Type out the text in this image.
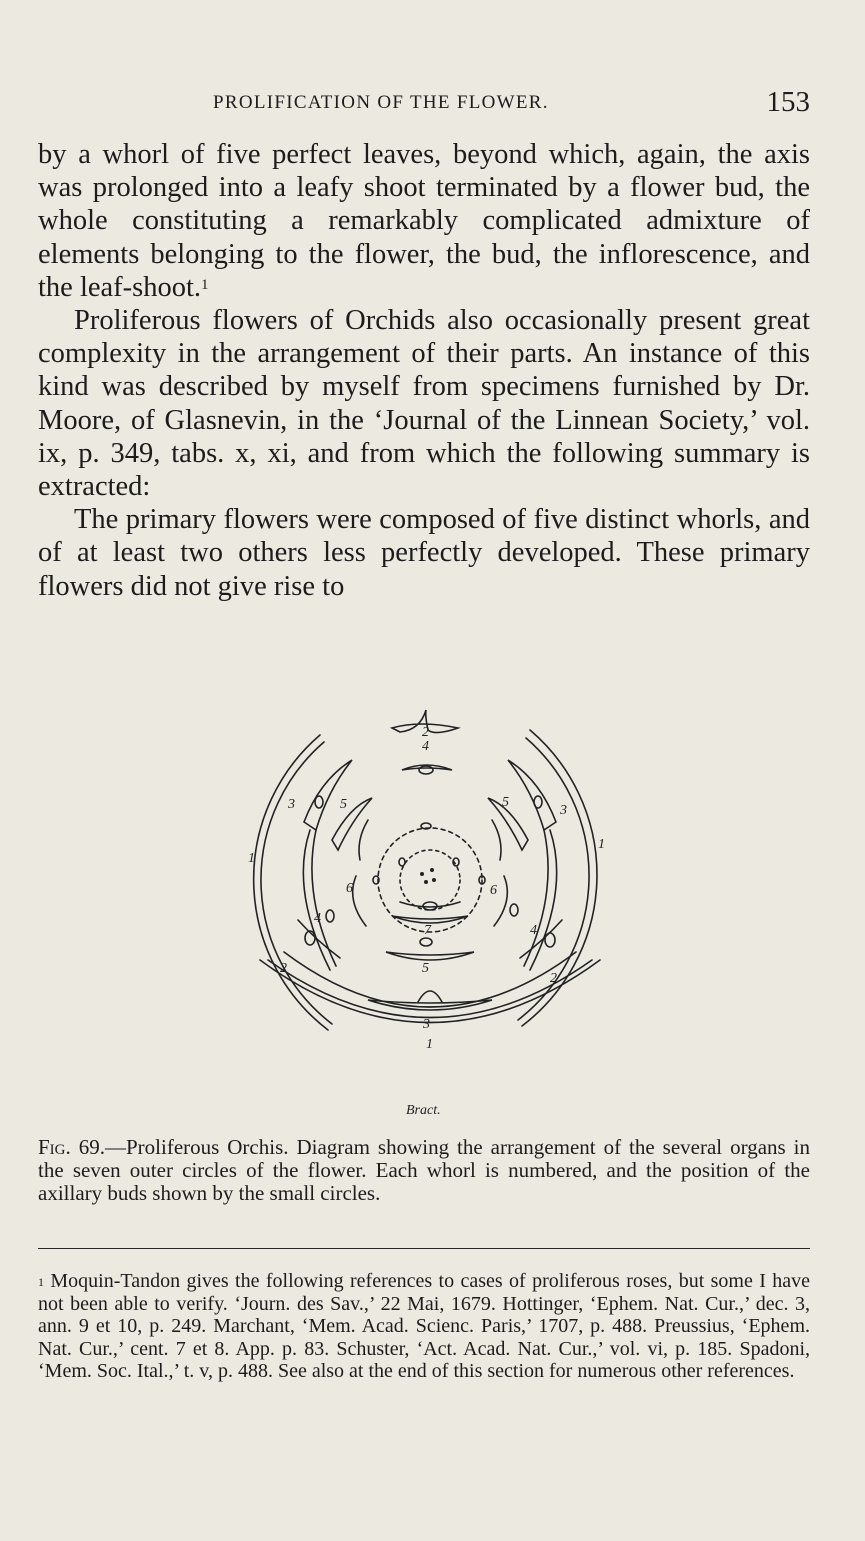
PROLIFICATION OF THE FLOWER.	153

by a whorl of five perfect leaves, beyond which, again, the axis was prolonged into a leafy shoot terminated by a flower bud, the whole constituting a remarkably complicated admixture of elements belonging to the flower, the bud, the inflorescence, and the leaf-shoot.$^1$

Proliferous flowers of Orchids also occasionally present great complexity in the arrangement of their parts. An instance of this kind was described by myself from specimens furnished by Dr. Moore, of Glasnevin, in the ‘Journal of the Linnean Society,’ vol. ix, p. 349, tabs. x, xi, and from which the following summary is extracted:

The primary flowers were composed of five distinct whorls, and of at least two others less perfectly developed. These primary flowers did not give rise to

1
1
1
2
2
2
3	3
3
4
4
4
5	5
5
6	6
7
Bract.
Fig. 69.—Proliferous Orchis. Diagram showing the arrangement of the several organs in the seven outer circles of the flower. Each whorl is numbered, and the position of the axillary buds shown by the small circles.
$^1$ Moquin-Tandon gives the following references to cases of proliferous roses, but some I have not been able to verify. ‘Journ. des Sav.,’ 22 Mai, 1679. Hottinger, ‘Ephem. Nat. Cur.,’ dec. 3, ann. 9 et 10, p. 249. Marchant, ‘Mem. Acad. Scienc. Paris,’ 1707, p. 488. Preussius, ‘Ephem. Nat. Cur.,’ cent. 7 et 8. App. p. 83. Schuster, ‘Act. Acad. Nat. Cur.,’ vol. vi, p. 185. Spadoni, ‘Mem. Soc. Ital.,’ t. v, p. 488. See also at the end of this section for numerous other references.
